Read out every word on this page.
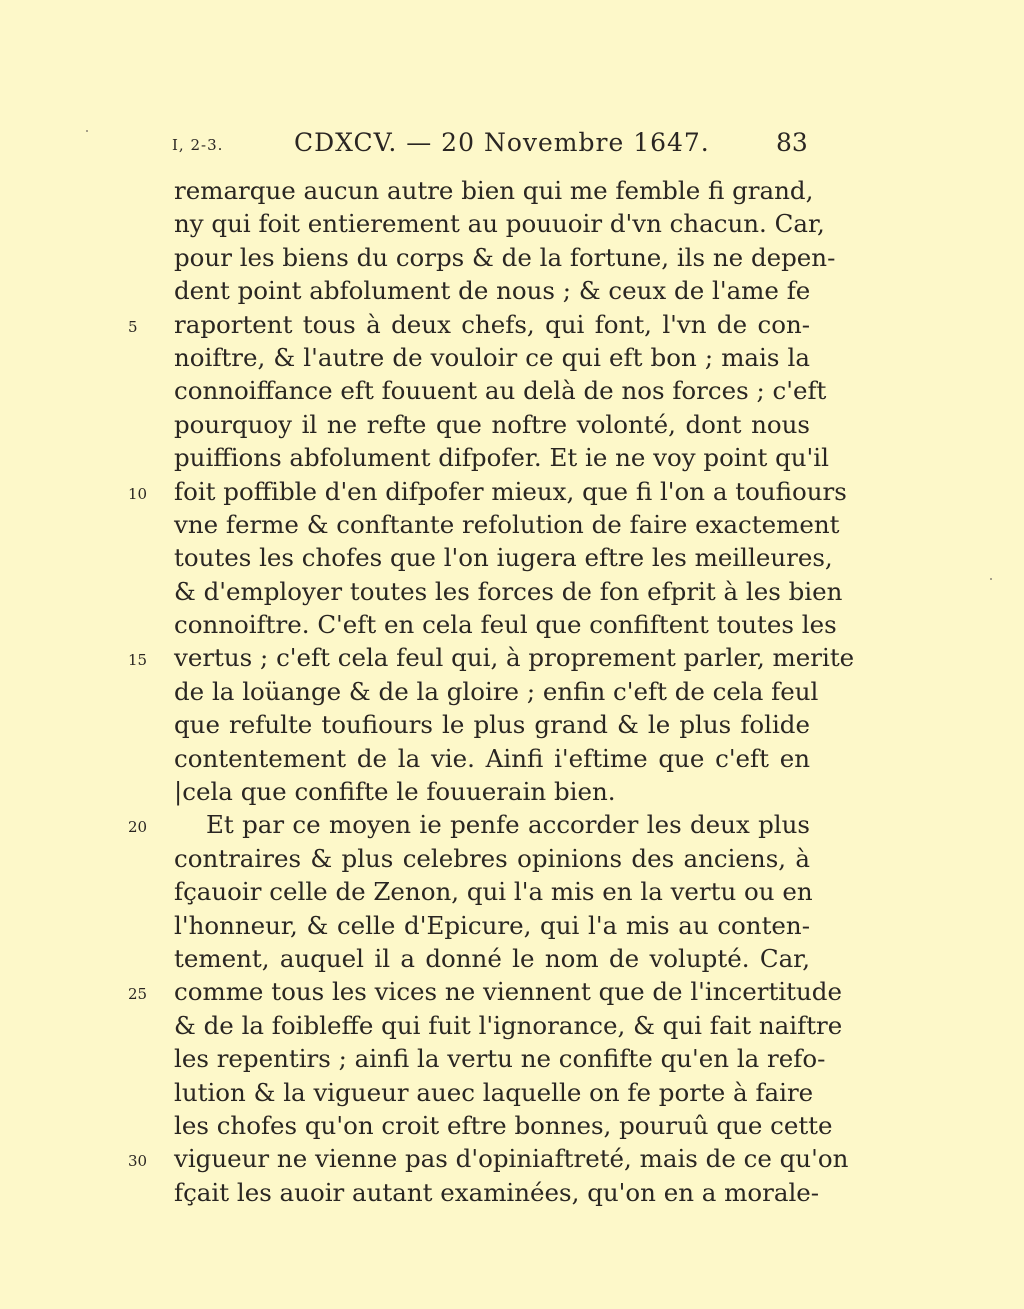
I, 2-3.	CDXCV. — 20 Novembre 1647.	83
remarque aucun autre bien qui me femble fi grand,
ny qui foit entierement au pouuoir d'vn chacun. Car,
pour les biens du corps & de la fortune, ils ne depen-
dent point abfolument de nous ; & ceux de l'ame fe
5	raportent tous à deux chefs, qui font, l'vn de con-
noiftre, & l'autre de vouloir ce qui eft bon ; mais la
connoiffance eft fouuent au delà de nos forces ; c'eft
pourquoy il ne refte que noftre volonté, dont nous
puiffions abfolument difpofer. Et ie ne voy point qu'il
10	foit poffible d'en difpofer mieux, que fi l'on a toufiours
vne ferme & conftante refolution de faire exactement
toutes les chofes que l'on iugera eftre les meilleures,
& d'employer toutes les forces de fon efprit à les bien
connoiftre. C'eft en cela feul que confiftent toutes les
15	vertus ; c'eft cela feul qui, à proprement parler, merite
de la loüange & de la gloire ; enfin c'eft de cela feul
que refulte toufiours le plus grand & le plus folide
contentement de la vie. Ainfi i'eftime que c'eft en
|cela que confifte le fouuerain bien.
20	Et par ce moyen ie penfe accorder les deux plus
contraires & plus celebres opinions des anciens, à
fçauoir celle de Zenon, qui l'a mis en la vertu ou en
l'honneur, & celle d'Epicure, qui l'a mis au conten-
tement, auquel il a donné le nom de volupté. Car,
25	comme tous les vices ne viennent que de l'incertitude
& de la foibleffe qui fuit l'ignorance, & qui fait naiftre
les repentirs ; ainfi la vertu ne confifte qu'en la refo-
lution & la vigueur auec laquelle on fe porte à faire
les chofes qu'on croit eftre bonnes, pouruû que cette
30	vigueur ne vienne pas d'opiniaftreté, mais de ce qu'on
fçait les auoir autant examinées, qu'on en a morale-
